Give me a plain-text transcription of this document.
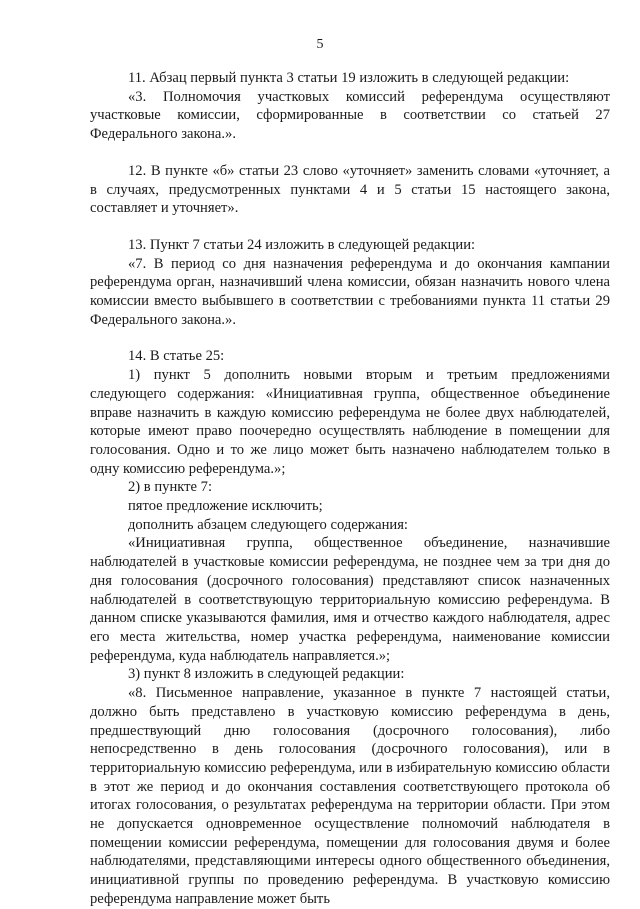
5

11. Абзац первый пункта 3 статьи 19 изложить в следующей редакции:

«3. Полномочия участковых комиссий референдума осуществляют участковые комиссии, сформированные в соответствии со статьей 27 Федерального закона.».

12. В пункте «б» статьи 23 слово «уточняет» заменить словами «уточняет, а в случаях, предусмотренных пунктами 4 и 5 статьи 15 настоящего закона, составляет и уточняет».

13. Пункт 7 статьи 24 изложить в следующей редакции:

«7. В период со дня назначения референдума и до окончания кампании референдума орган, назначивший члена комиссии, обязан назначить нового члена комиссии вместо выбывшего в соответствии с требованиями пункта 11 статьи 29 Федерального закона.».

14. В статье 25:

1) пункт 5 дополнить новыми вторым и третьим предложениями следующего содержания: «Инициативная группа, общественное объединение вправе назначить в каждую комиссию референдума не более двух наблюдателей, которые имеют право поочередно осуществлять наблюдение в помещении для голосования. Одно и то же лицо может быть назначено наблюдателем только в одну комиссию референдума.»;

2) в пункте 7:

пятое предложение исключить;

дополнить абзацем следующего содержания:

«Инициативная группа, общественное объединение, назначившие наблюдателей в участковые комиссии референдума, не позднее чем за три дня до дня голосования (досрочного голосования) представляют список назначенных наблюдателей в соответствующую территориальную комиссию референдума. В данном списке указываются фамилия, имя и отчество каждого наблюдателя, адрес его места жительства, номер участка референдума, наименование комиссии референдума, куда наблюдатель направляется.»;

3) пункт 8 изложить в следующей редакции:

«8. Письменное направление, указанное в пункте 7 настоящей статьи, должно быть представлено в участковую комиссию референдума в день, предшествующий дню голосования (досрочного голосования), либо непосредственно в день голосования (досрочного голосования), или в территориальную комиссию референдума, или в избирательную комиссию области в этот же период и до окончания составления соответствующего протокола об итогах голосования, о результатах референдума на территории области. При этом не допускается одновременное осуществление полномочий наблюдателя в помещении комиссии референдума, помещении для голосования двумя и более наблюдателями, представляющими интересы одного общественного объединения, инициативной группы по проведению референдума. В участковую комиссию референдума направление может быть
